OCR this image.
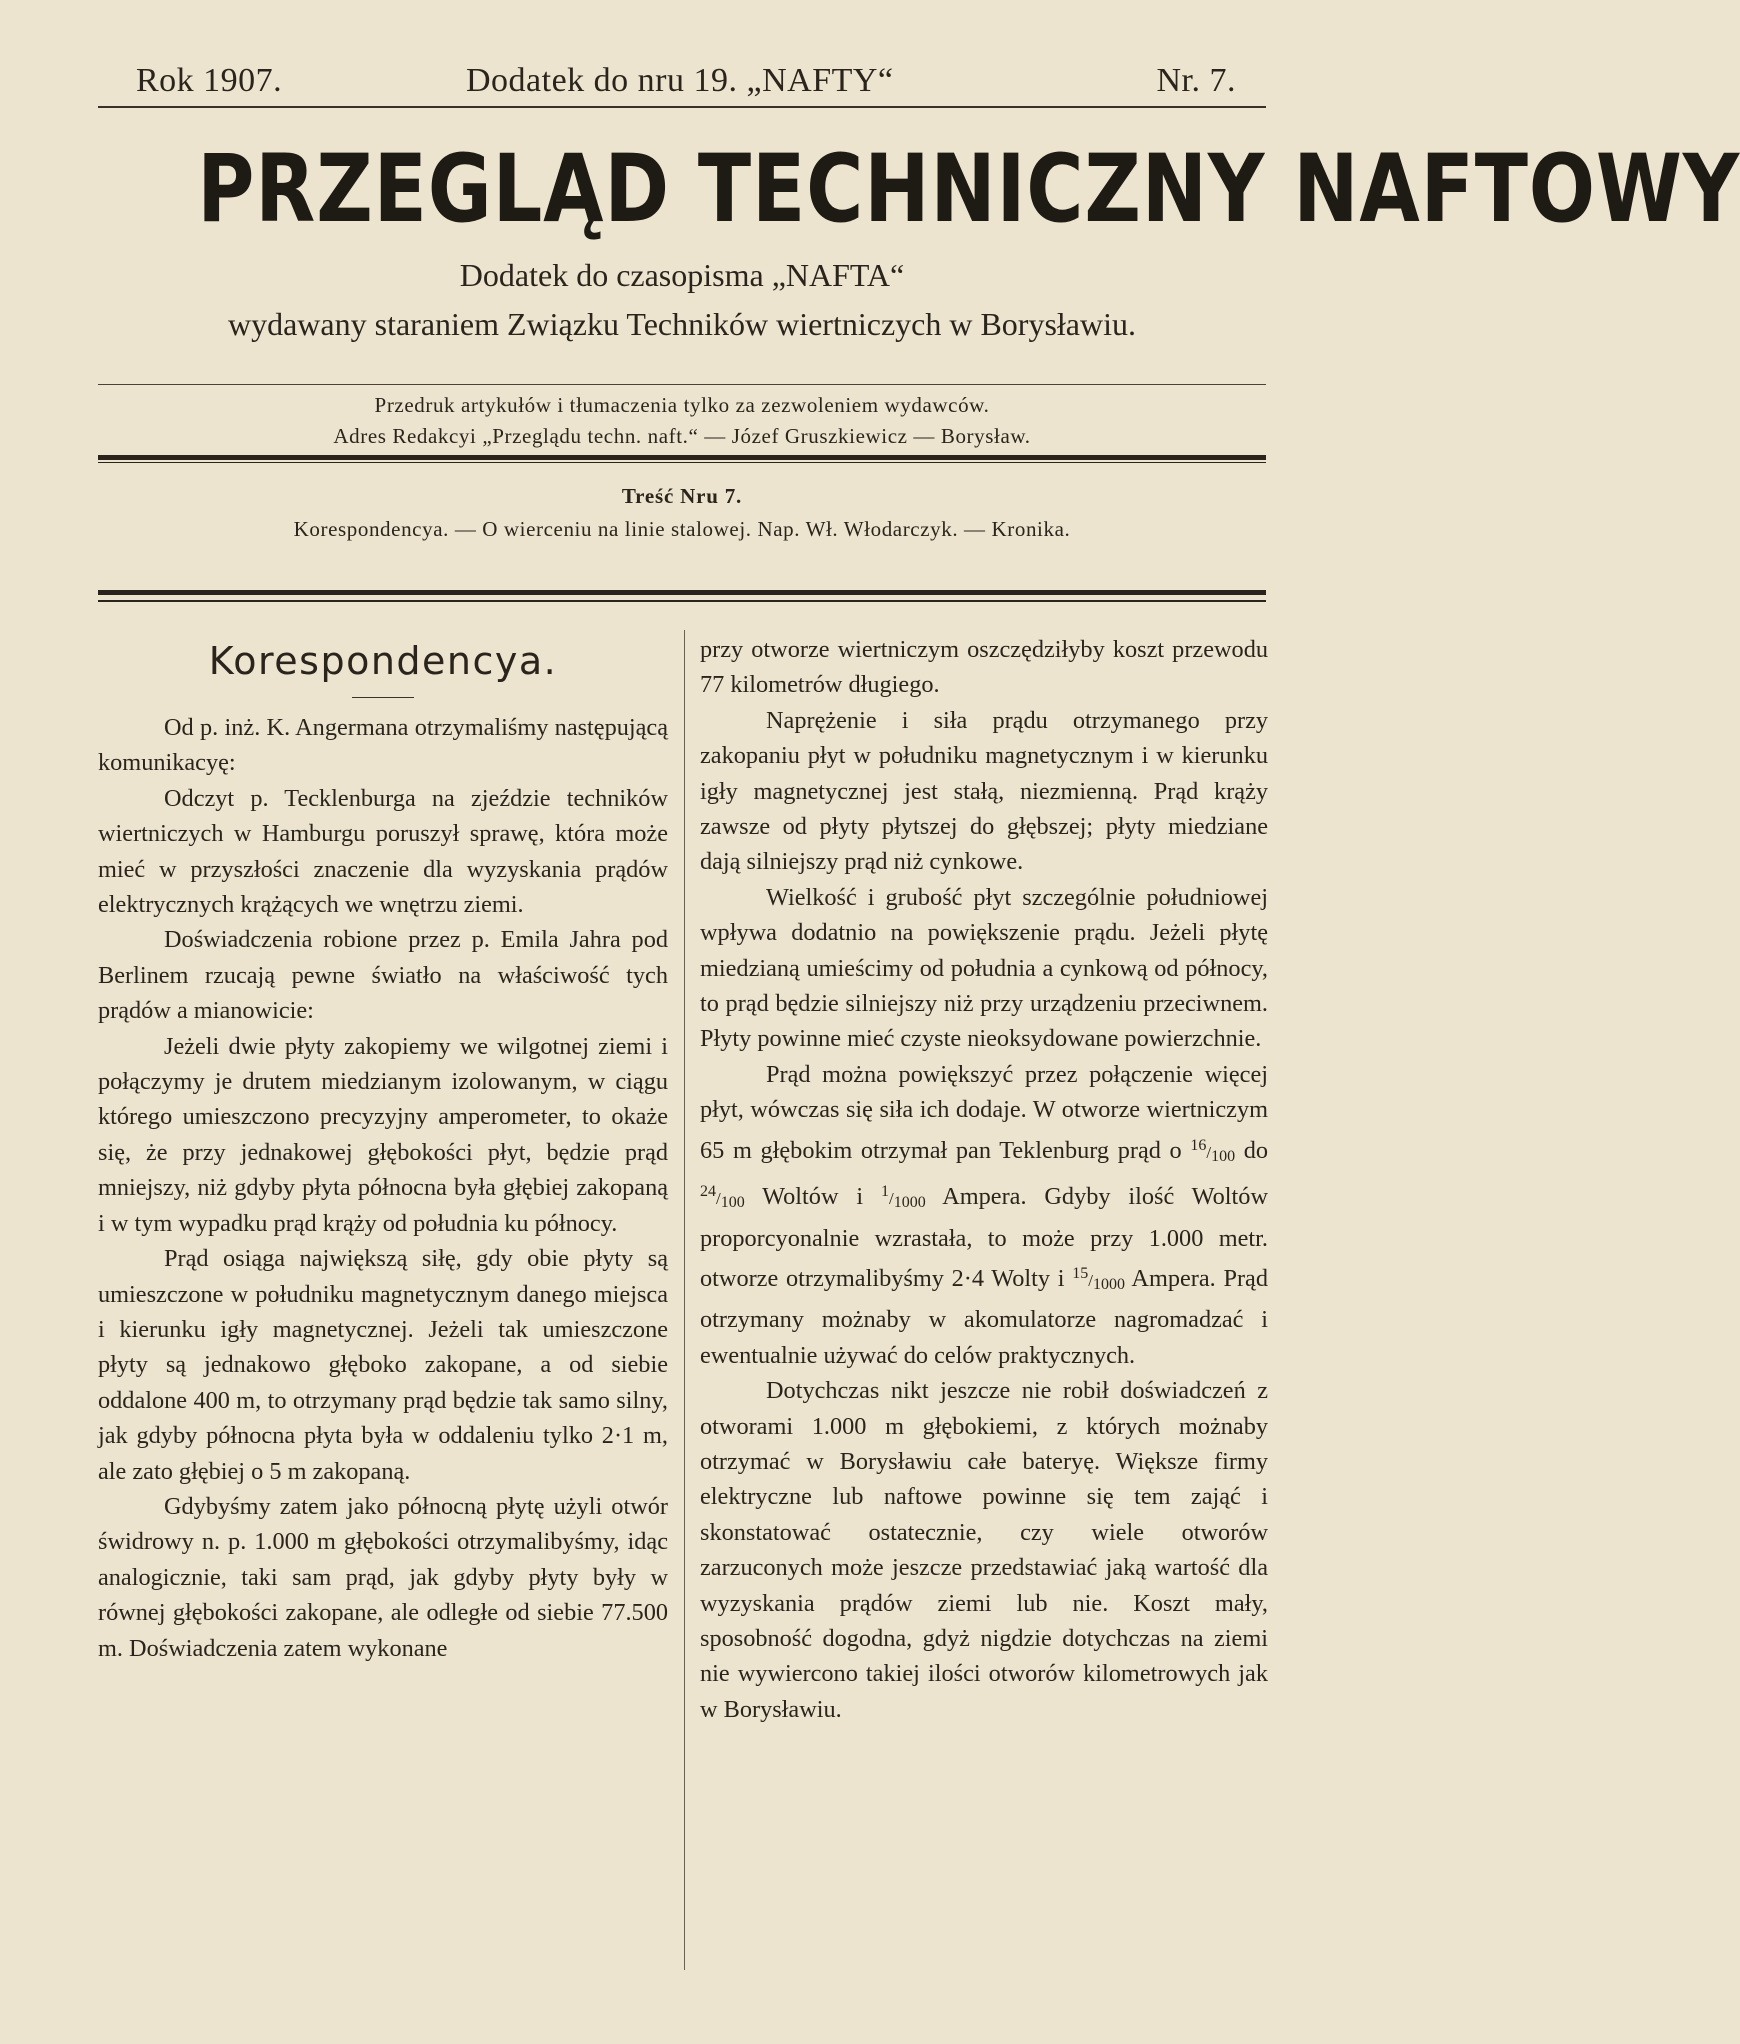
Rok 1907.	Dodatek do nru 19. „NAFTY“	Nr. 7.
PRZEGLĄD TECHNICZNY NAFTOWY
Dodatek do czasopisma „NAFTA“
wydawany staraniem Związku Techników wiertniczych w Borysławiu.
Przedruk artykułów i tłumaczenia tylko za zezwoleniem wydawców.
Adres Redakcyi „Przeglądu techn. naft.“ — Józef Gruszkiewicz — Borysław.
Treść Nru 7.
Korespondencya. — O wierceniu na linie stalowej. Nap. Wł. Włodarczyk. — Kronika.
Korespondencya.

Od p. inż. K. Angermana otrzymaliśmy następującą komunikacyę:

Odczyt p. Tecklenburga na zjeździe techników wiertniczych w Hamburgu poruszył sprawę, która może mieć w przyszłości znaczenie dla wyzyskania prądów elektrycznych krążących we wnętrzu ziemi.

Doświadczenia robione przez p. Emila Jahra pod Berlinem rzucają pewne światło na właściwość tych prądów a mianowicie:

Jeżeli dwie płyty zakopiemy we wilgotnej ziemi i połączymy je drutem miedzianym izolowanym, w ciągu którego umieszczono precyzyjny amperometer, to okaże się, że przy jednakowej głębokości płyt, będzie prąd mniejszy, niż gdyby płyta północna była głębiej zakopaną i w tym wypadku prąd krąży od południa ku północy.

Prąd osiąga największą siłę, gdy obie płyty są umieszczone w południku magnetycznym danego miejsca i kierunku igły magnetycznej. Jeżeli tak umieszczone płyty są jednakowo głęboko zakopane, a od siebie oddalone 400 m, to otrzymany prąd będzie tak samo silny, jak gdyby północna płyta była w oddaleniu tylko 2·1 m, ale zato głębiej o 5 m zakopaną.

Gdybyśmy zatem jako północną płytę użyli otwór świdrowy n. p. 1.000 m głębokości otrzymalibyśmy, idąc analogicznie, taki sam prąd, jak gdyby płyty były w równej głębokości zakopane, ale odległe od siebie 77.500 m. Doświadczenia zatem wykonane

przy otworze wiertniczym oszczędziłyby koszt przewodu 77 kilometrów długiego.

Naprężenie i siła prądu otrzymanego przy zakopaniu płyt w południku magnetycznym i w kierunku igły magnetycznej jest stałą, niezmienną. Prąd krąży zawsze od płyty płytszej do głębszej; płyty miedziane dają silniejszy prąd niż cynkowe.

Wielkość i grubość płyt szczególnie południowej wpływa dodatnio na powiększenie prądu. Jeżeli płytę miedzianą umieścimy od południa a cynkową od północy, to prąd będzie silniejszy niż przy urządzeniu przeciwnem. Płyty powinne mieć czyste nieoksydowane powierzchnie.

Prąd można powiększyć przez połączenie więcej płyt, wówczas się siła ich dodaje. W otworze wiertniczym 65 m głębokim otrzymał pan Teklenburg prąd o $^{16}/_{100}$ do $^{24}/_{100}$ Woltów i $^1/_{1000}$ Ampera. Gdyby ilość Woltów proporcyonalnie wzrastała, to może przy 1.000 metr. otworze otrzymalibyśmy 2·4 Wolty i $^{15}/_{1000}$ Ampera. Prąd otrzymany możnaby w akomulatorze nagromadzać i ewentualnie używać do celów praktycznych.

Dotychczas nikt jeszcze nie robił doświadczeń z otworami 1.000 m głębokiemi, z których możnaby otrzymać w Borysławiu całe bateryę. Większe firmy elektryczne lub naftowe powinne się tem zająć i skonstatować ostatecznie, czy wiele otworów zarzuconych może jeszcze przedstawiać jaką wartość dla wyzyskania prądów ziemi lub nie. Koszt mały, sposobność dogodna, gdyż nigdzie dotychczas na ziemi nie wywiercono takiej ilości otworów kilometrowych jak w Borysławiu.
